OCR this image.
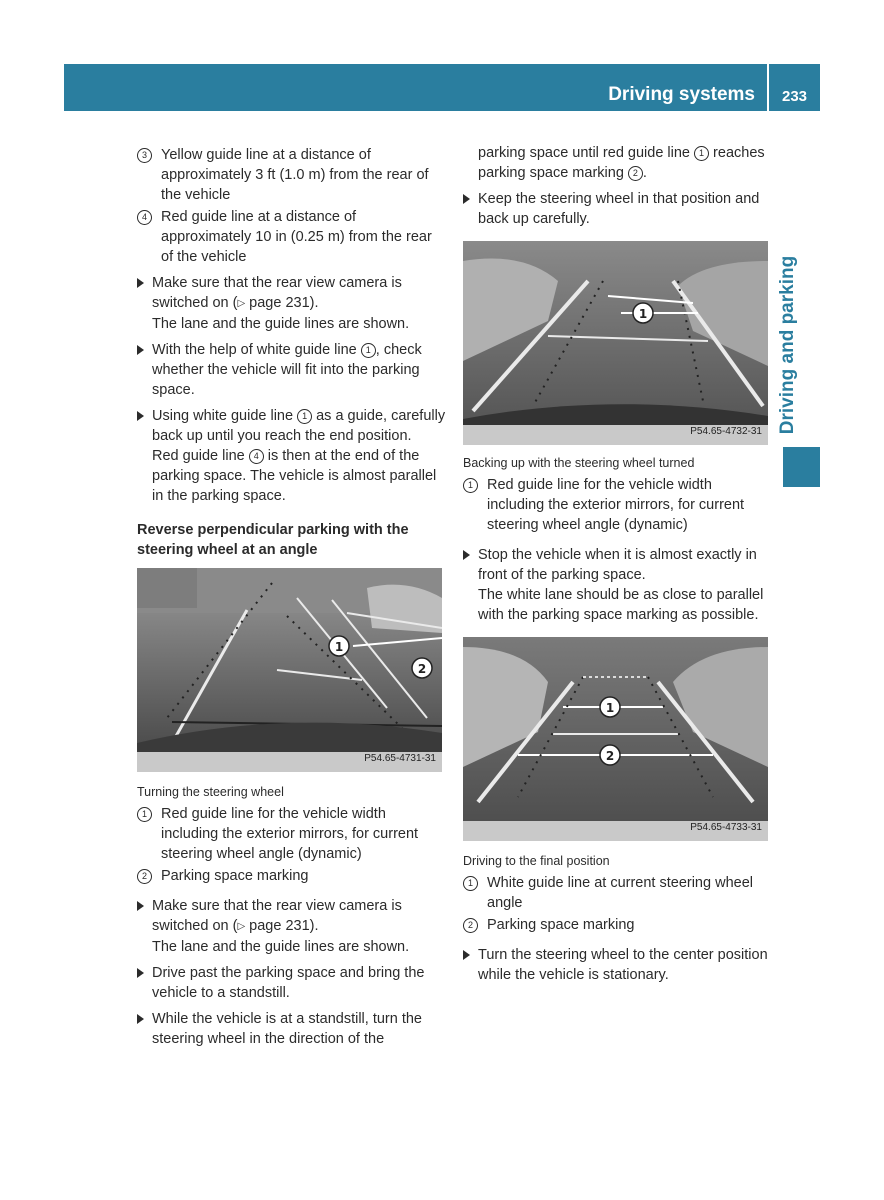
Driving systems	233
Driving and parking
3 Yellow guide line at a distance of approximately 3 ft (1.0 m) from the rear of the vehicle
4 Red guide line at a distance of approximately 10 in (0.25 m) from the rear of the vehicle
Make sure that the rear view camera is switched on (▷ page 231).
The lane and the guide lines are shown.
With the help of white guide line 1 , check whether the vehicle will fit into the parking space.
Using white guide line 1 as a guide, carefully back up until you reach the end position.
Red guide line 4 is then at the end of the parking space. The vehicle is almost parallel in the parking space.
Reverse perpendicular parking with the steering wheel at an angle
1
2
P54.65-4731-31
Turning the steering wheel
1 Red guide line for the vehicle width including the exterior mirrors, for current steering wheel angle (dynamic)
2 Parking space marking
Make sure that the rear view camera is switched on (▷ page 231).
The lane and the guide lines are shown.
Drive past the parking space and bring the vehicle to a standstill.
While the vehicle is at a standstill, turn the steering wheel in the direction of the
parking space until red guide line 1 reaches parking space marking 2 .
Keep the steering wheel in that position and back up carefully.
1
P54.65-4732-31
Backing up with the steering wheel turned
1 Red guide line for the vehicle width including the exterior mirrors, for current steering wheel angle (dynamic)
Stop the vehicle when it is almost exactly in front of the parking space.
The white lane should be as close to parallel with the parking space marking as possible.
1
2
P54.65-4733-31
Driving to the final position
1 White guide line at current steering wheel angle
2 Parking space marking
Turn the steering wheel to the center position while the vehicle is stationary.
